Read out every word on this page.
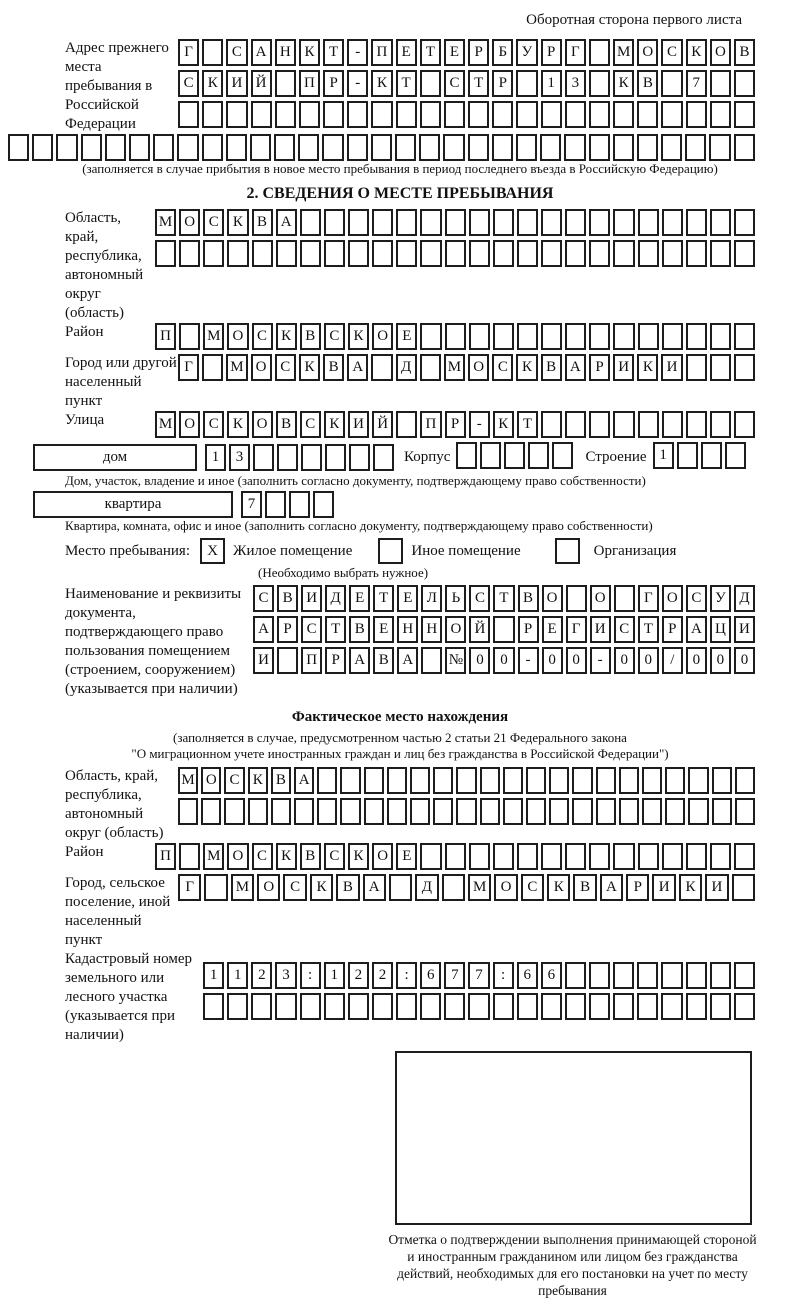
Оборотная сторона первого листа
Адрес прежнего места пребывания в Российской Федерации
Г	С А Н К Т	-	П Е	Т	Е	Р	Б У Р	Г	М О С К О В
С К И Й	П Р	-	К Т	С Т	Р	1	3	К В	7
(заполняется в случае прибытия в новое место пребывания в период последнего въезда в Российскую Федерацию)
2. СВЕДЕНИЯ О МЕСТЕ ПРЕБЫВАНИЯ
Область, край, республика, автономный округ (область)
М О С К В А
Район	П	М О С К В С К О Е
Город или другой населенный пункт
Г	М О С К В А	Д	М О С К В А Р И К И
Улица	М О С К О В С К И Й	П Р	-	К Т
дом	1	3	Корпус	Строение 1
Дом, участок, владение и иное (заполнить согласно документу, подтверждающему право собственности)
квартира	7
Квартира, комната, офис и иное (заполнить согласно документу, подтверждающему право собственности)
Место пребывания:	X	Жилое помещение	Иное помещение	Организация
(Необходимо выбрать нужное)
Наименование и реквизиты документа, подтверждающего право пользования помещением (строением, сооружением) (указывается при наличии)
С В И Д Е Т Е Л Ь С Т В О	О	Г О С У Д
А Р С Т В Е Н Н О Й	Р	Е	Г И С Т	Р А Ц И
И	П Р А В А	№ 0	0	-	0	0	-	0	0	/	0	0	0
Фактическое место нахождения
(заполняется в случае, предусмотренном частью 2 статьи 21 Федерального закона
"О миграционном учете иностранных граждан и лиц без гражданства в Российской Федерации")
Область, край, республика, автономный округ (область)
М О С К В А
Район	П	М О С К В С К О Е
Город, сельское поселение, иной населенный пункт
Г	М О	С	К	В	А	Д	М О	С	К	В	А	Р	И	К	И
Кадастровый номер земельного или лесного участка (указывается при наличии)
1	1	2	3	:	1	2	2	:	6	7	7	:	6	6
Отметка о подтверждении выполнения принимающей стороной и иностранным гражданином или лицом без гражданства действий, необходимых для его постановки на учет по месту пребывания
